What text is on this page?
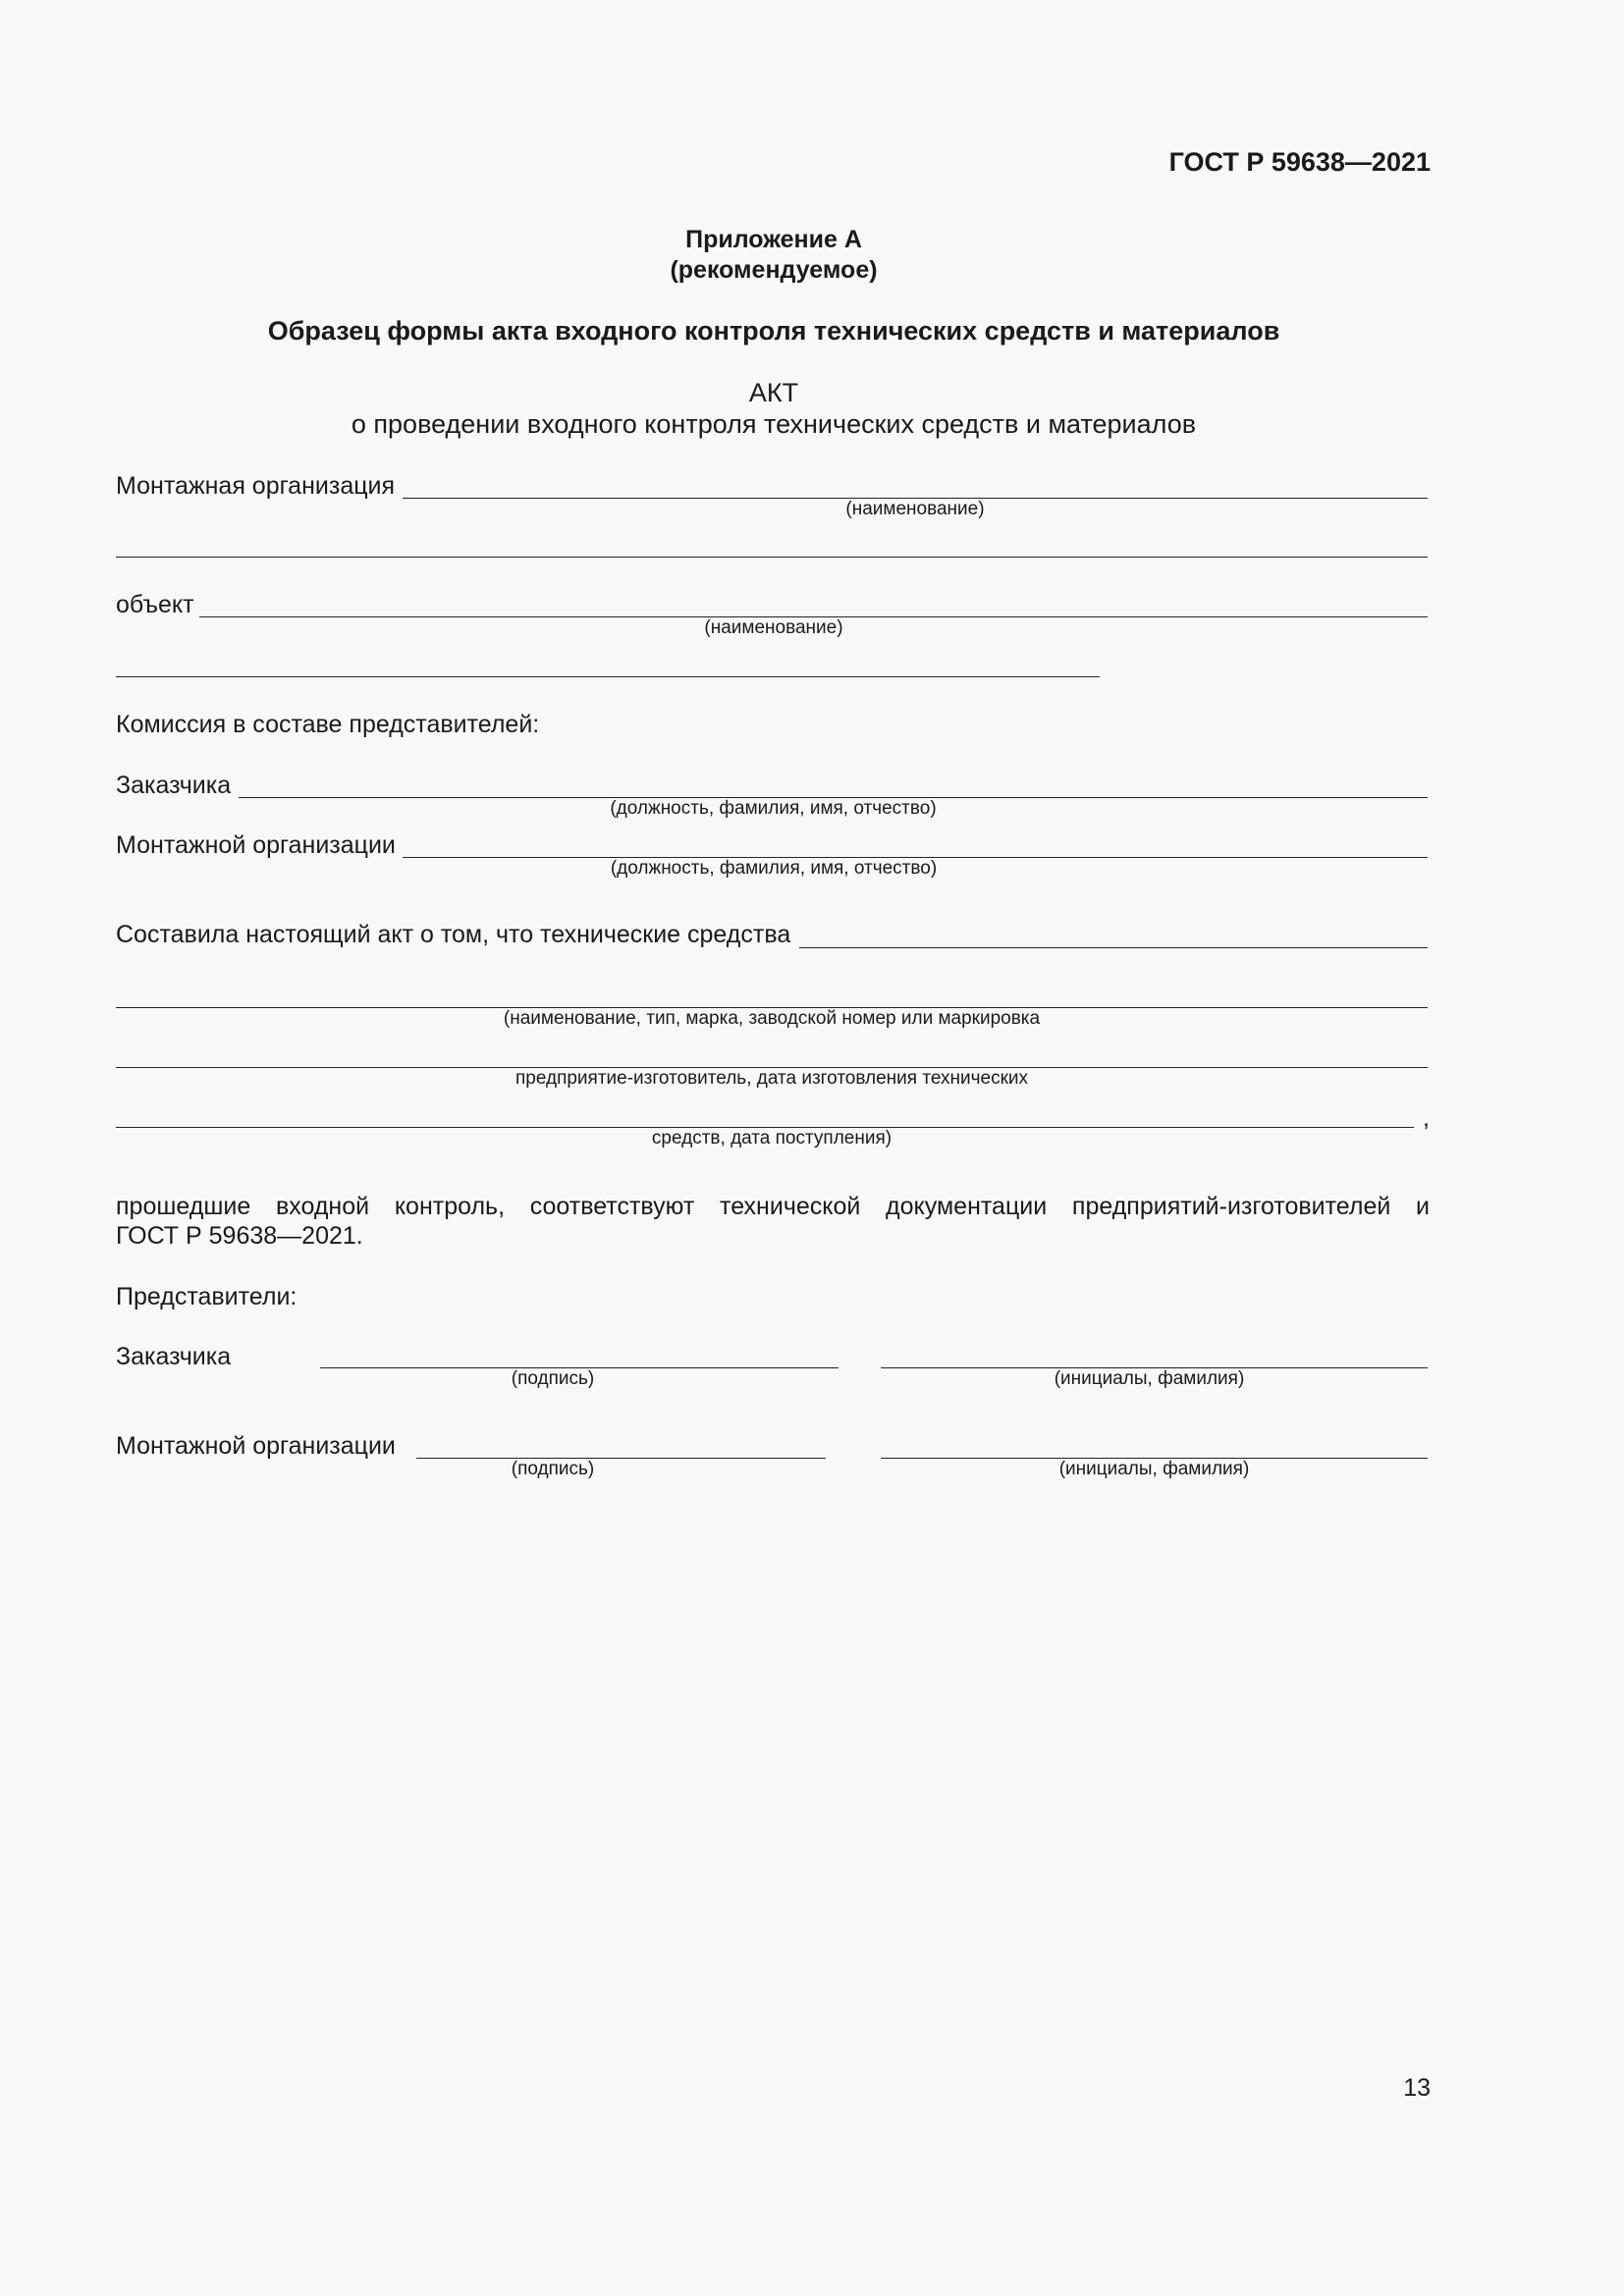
ГОСТ Р 59638—2021
Приложение А
(рекомендуемое)
Образец формы акта входного контроля технических средств и материалов
АКТ
о проведении входного контроля технических средств и материалов
Монтажная организация
(наименование)
объект
(наименование)
Комиссия в составе представителей:
Заказчика
(должность, фамилия, имя, отчество)
Монтажной организации
(должность, фамилия, имя, отчество)
Составила настоящий акт о том, что технические средства
(наименование, тип, марка, заводской номер или маркировка
предприятие-изготовитель, дата изготовления технических
,
средств, дата поступления)
прошедшие входной контроль, соответствуют технической документации предприятий-изготовителей и
ГОСТ Р 59638—2021.
Представители:
Заказчика
(подпись)	(инициалы, фамилия)
Монтажной организации
(подпись)	(инициалы, фамилия)
13
